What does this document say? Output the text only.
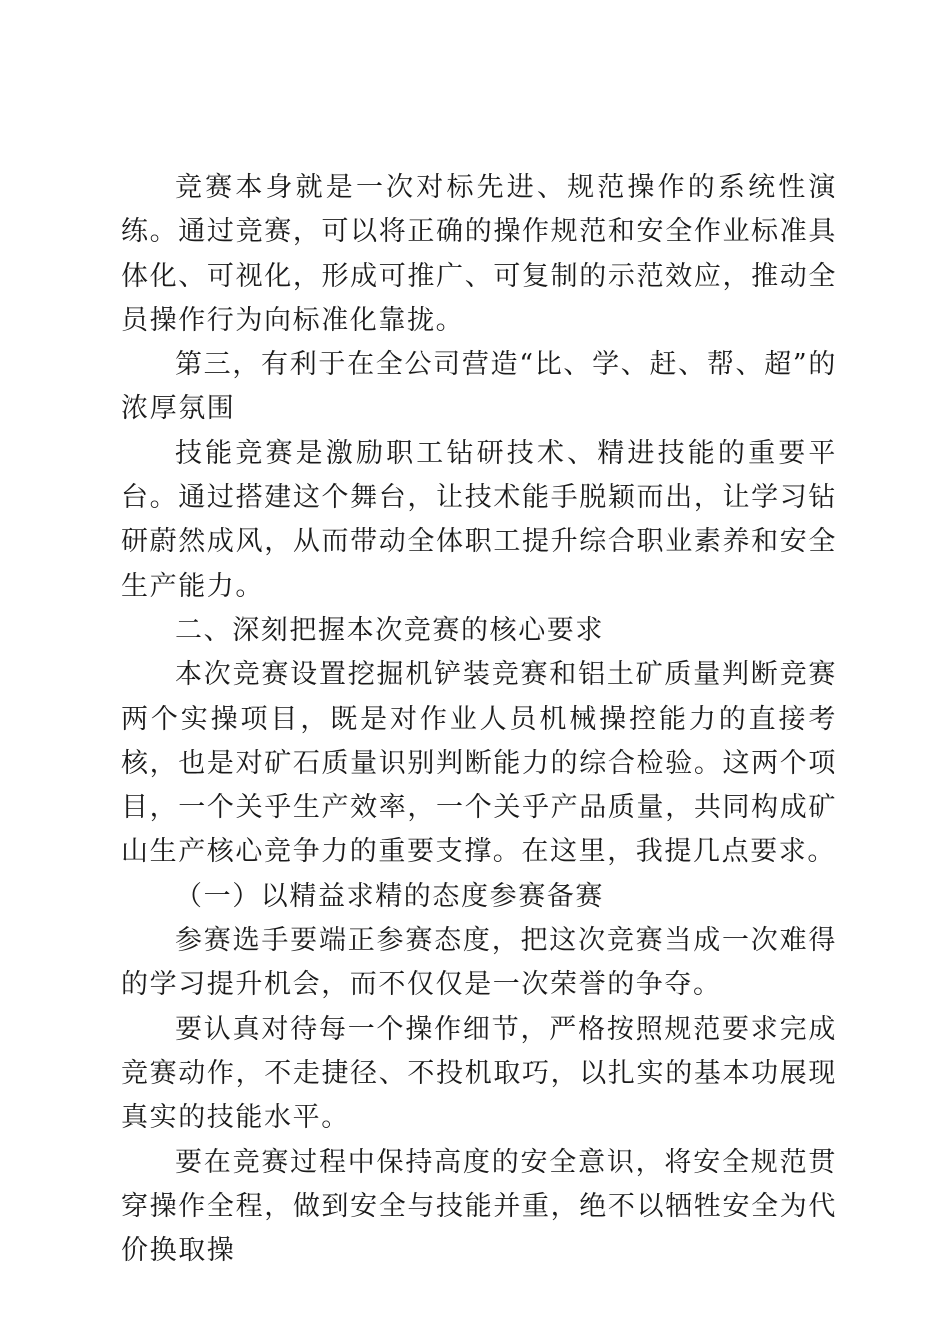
竞赛本身就是一次对标先进、规范操作的系统性演练。通过竞赛，可以将正确的操作规范和安全作业标准具体化、可视化，形成可推广、可复制的示范效应，推动全员操作行为向标准化靠拢。

第三，有利于在全公司营造“比、学、赶、帮、超”的浓厚氛围

技能竞赛是激励职工钻研技术、精进技能的重要平台。通过搭建这个舞台，让技术能手脱颖而出，让学习钻研蔚然成风，从而带动全体职工提升综合职业素养和安全生产能力。

二、深刻把握本次竞赛的核心要求

本次竞赛设置挖掘机铲装竞赛和铝土矿质量判断竞赛两个实操项目，既是对作业人员机械操控能力的直接考核，也是对矿石质量识别判断能力的综合检验。这两个项目，一个关乎生产效率，一个关乎产品质量，共同构成矿山生产核心竞争力的重要支撑。在这里，我提几点要求。

（一）以精益求精的态度参赛备赛

参赛选手要端正参赛态度，把这次竞赛当成一次难得的学习提升机会，而不仅仅是一次荣誉的争夺。

要认真对待每一个操作细节，严格按照规范要求完成竞赛动作，不走捷径、不投机取巧，以扎实的基本功展现真实的技能水平。

要在竞赛过程中保持高度的安全意识，将安全规范贯穿操作全程，做到安全与技能并重，绝不以牺牲安全为代价换取操
